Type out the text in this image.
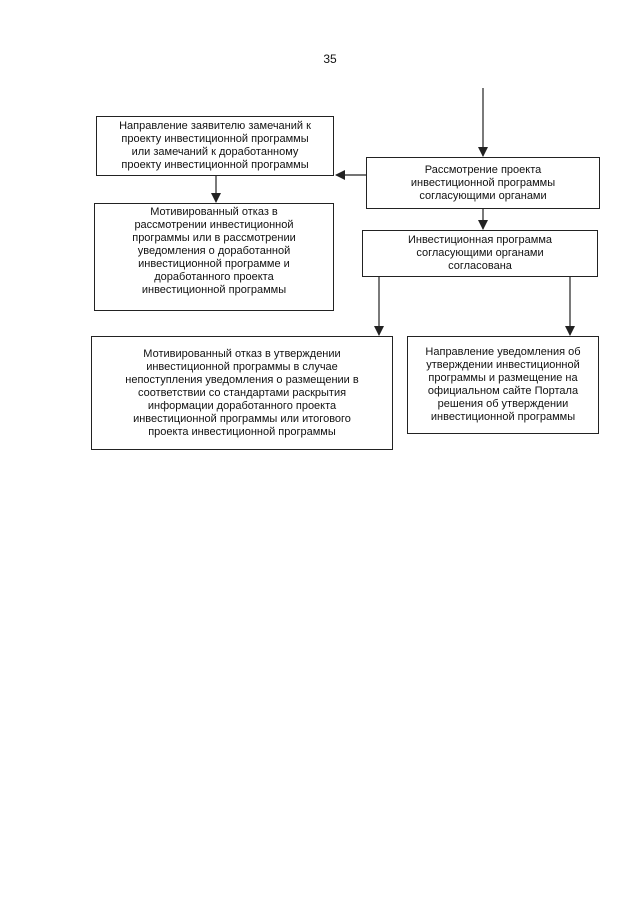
35
Направление заявителю замечаний к
проекту инвестиционной программы
или замечаний к доработанному
проекту инвестиционной программы
Мотивированный отказ в
рассмотрении инвестиционной
программы или в рассмотрении
уведомления о доработанной
инвестиционной программе и
доработанного проекта
инвестиционной программы
Рассмотрение проекта
инвестиционной программы
согласующими органами
Инвестиционная программа
согласующими органами
согласована
Мотивированный отказ в утверждении
инвестиционной программы в случае
непоступления уведомления о размещении в
соответствии со стандартами раскрытия
информации доработанного проекта
инвестиционной программы или итогового
проекта инвестиционной программы
Направление уведомления об
утверждении инвестиционной
программы и размещение на
официальном сайте Портала
решения об утверждении
инвестиционной программы
